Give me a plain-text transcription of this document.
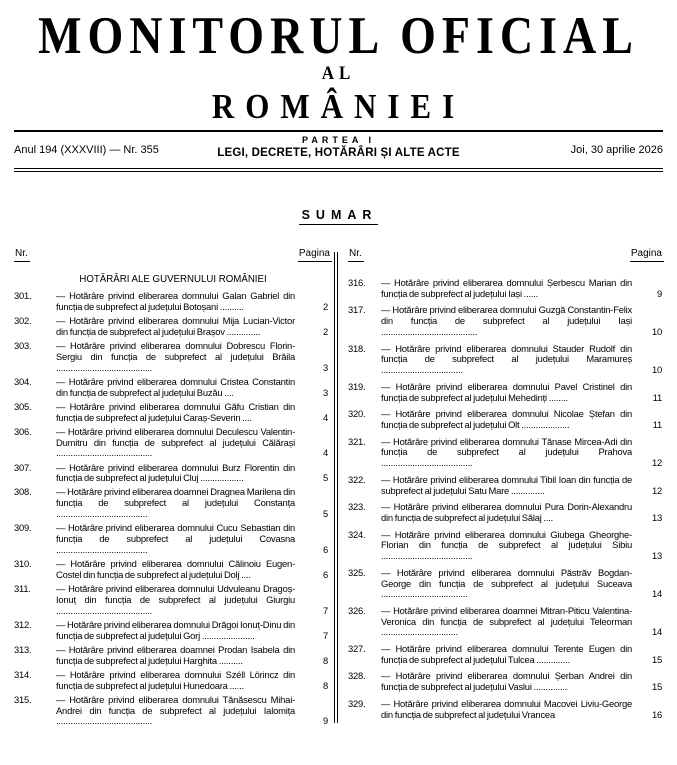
MONITORUL OFICIAL
AL
ROMÂNIEI
Anul 194 (XXXVIII) — Nr. 355
PARTEA I
LEGI, DECRETE, HOTĂRÂRI ȘI ALTE ACTE	Joi, 30 aprilie 2026
SUMAR
Nr.	Pagina
HOTĂRÂRI ALE GUVERNULUI ROMÂNIEI
301.	— Hotărâre privind eliberarea domnului Galan Gabriel din funcția de subprefect al județului Botoșani ..........	2
302.	— Hotărâre privind eliberarea domnului Mija Lucian-Victor din funcția de subprefect al județului Brașov ..............	2
303.	— Hotărâre privind eliberarea domnului Dobrescu Florin-Sergiu din funcția de subprefect al județului Brăila ........................................	3
304.	— Hotărâre privind eliberarea domnului Cristea Constantin din funcția de subprefect al județului Buzău ....	3
305.	— Hotărâre privind eliberarea domnului Găfu Cristian din funcția de subprefect al județului Caraș-Severin ....	4
306.	— Hotărâre privind eliberarea domnului Deculescu Valentin-Dumitru din funcția de subprefect al județului Călărași ........................................	4
307.	— Hotărâre privind eliberarea domnului Burz Florentin din funcția de subprefect al județului Cluj ..................	5
308.	— Hotărâre privind eliberarea doamnei Dragnea Marilena din funcția de subprefect al județului Constanța ......................................	5
309.	— Hotărâre privind eliberarea domnului Cucu Sebastian din funcția de subprefect al județului Covasna ......................................	6
310.	— Hotărâre privind eliberarea domnului Călinoiu Eugen-Costel din funcția de subprefect al județului Dolj ....	6
311.	— Hotărâre privind eliberarea domnului Udvuleanu Dragoș-Ionuț din funcția de subprefect al județului Giurgiu ........................................	7
312.	— Hotărâre privind eliberarea domnului Drăgoi Ionuț-Dinu din funcția de subprefect al județului Gorj ......................	7
313.	— Hotărâre privind eliberarea doamnei Prodan Isabela din funcția de subprefect al județului Harghita ..........	8
314.	— Hotărâre privind eliberarea domnului Széll Lörincz din funcția de subprefect al județului Hunedoara ......	8
315.	— Hotărâre privind eliberarea domnului Tănăsescu Mihai-Andrei din funcția de subprefect al județului Ialomița ........................................	9
Nr.	Pagina
316.	— Hotărâre privind eliberarea domnului Șerbescu Marian din funcția de subprefect al județului Iași ......	9
317.	— Hotărâre privind eliberarea domnului Guzgă Constantin-Felix din funcția de subprefect al județului Iași ........................................	10
318.	— Hotărâre privind eliberarea domnului Stauder Rudolf din funcția de subprefect al județului Maramureș ..................................	10
319.	— Hotărâre privind eliberarea domnului Pavel Cristinel din funcția de subprefect al județului Mehedinți ........	11
320.	— Hotărâre privind eliberarea domnului Nicolae Ștefan din funcția de subprefect al județului Olt ....................	11
321.	— Hotărâre privind eliberarea domnului Tănase Mircea-Adi din funcția de subprefect al județului Prahova ......................................	12
322.	— Hotărâre privind eliberarea domnului Tibil Ioan din funcția de subprefect al județului Satu Mare ..............	12
323.	— Hotărâre privind eliberarea domnului Pura Dorin-Alexandru din funcția de subprefect al județului Sălaj ....	13
324.	— Hotărâre privind eliberarea domnului Giubega Gheorghe-Florian din funcția de subprefect al județului Sibiu ......................................	13
325.	— Hotărâre privind eliberarea domnului Păstrăv Bogdan-George din funcția de subprefect al județului Suceava ....................................	14
326.	— Hotărâre privind eliberarea doamnei Mitran-Piticu Valentina-Veronica din funcția de subprefect al județului Teleorman ................................	14
327.	— Hotărâre privind eliberarea domnului Terente Eugen din funcția de subprefect al județului Tulcea ..............	15
328.	— Hotărâre privind eliberarea domnului Șerban Andrei din funcția de subprefect al județului Vaslui ..............	15
329.	— Hotărâre privind eliberarea domnului Macovei Liviu-George din funcția de subprefect al județului Vrancea	16
